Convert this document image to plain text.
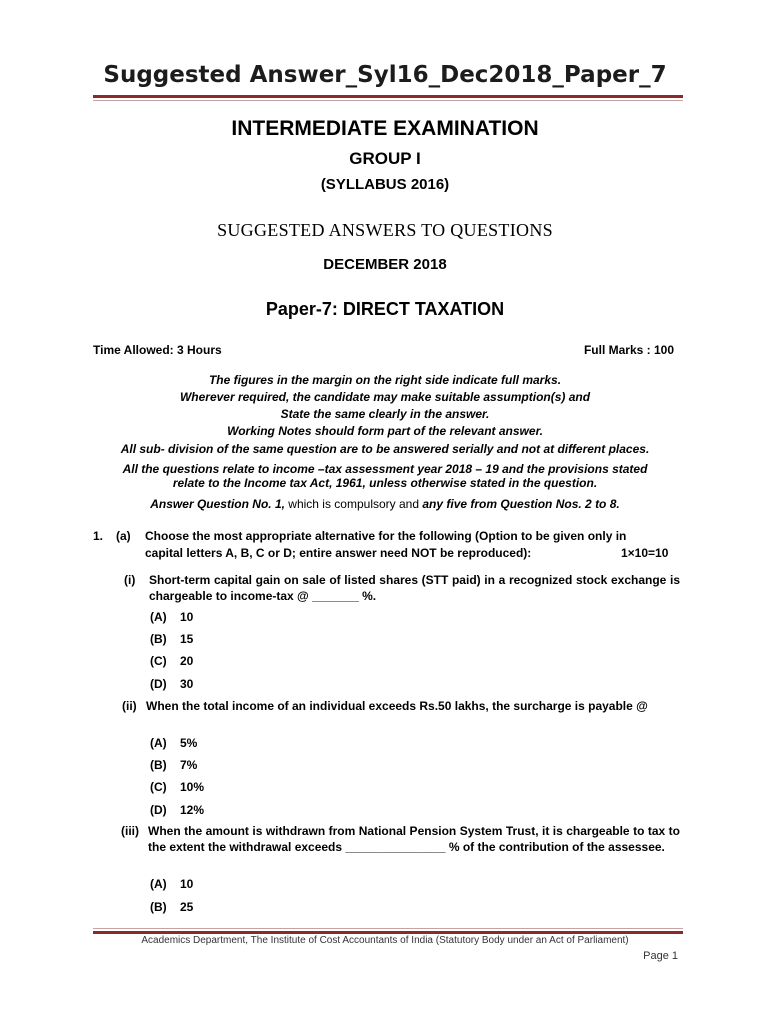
Suggested Answer_Syl16_Dec2018_Paper_7
INTERMEDIATE EXAMINATION
GROUP I
(SYLLABUS 2016)
SUGGESTED ANSWERS TO QUESTIONS
DECEMBER 2018
Paper-7: DIRECT TAXATION
Time Allowed: 3 Hours	Full Marks : 100
The figures in the margin on the right side indicate full marks.
Wherever required, the candidate may make suitable assumption(s) and
State the same clearly in the answer.
Working Notes should form part of the relevant answer.
All sub- division of the same question are to be answered serially and not at different places.
All the questions relate to income –tax assessment year 2018 – 19 and the provisions stated
relate to the Income tax Act, 1961, unless otherwise stated in the question.
Answer Question No. 1, which is compulsory and any five from Question Nos. 2 to 8.
1. (a) Choose the most appropriate alternative for the following (Option to be given only in
capital letters A, B, C or D; entire answer need NOT be reproduced):	1×10=10
(i) Short-term capital gain on sale of listed shares (STT paid) in a recognized stock exchange is chargeable to income-tax @ _______ %.
(A) 10
(B) 15
(C) 20
(D) 30
(ii) When the total income of an individual exceeds Rs.50 lakhs, the surcharge is payable @
(A) 5%
(B) 7%
(C) 10%
(D) 12%
(iii) When the amount is withdrawn from National Pension System Trust, it is chargeable to tax to the extent the withdrawal exceeds _______________ % of the contribution of the assessee.
(A) 10
(B) 25
Academics Department, The Institute of Cost Accountants of India (Statutory Body under an Act of Parliament)
Page 1
